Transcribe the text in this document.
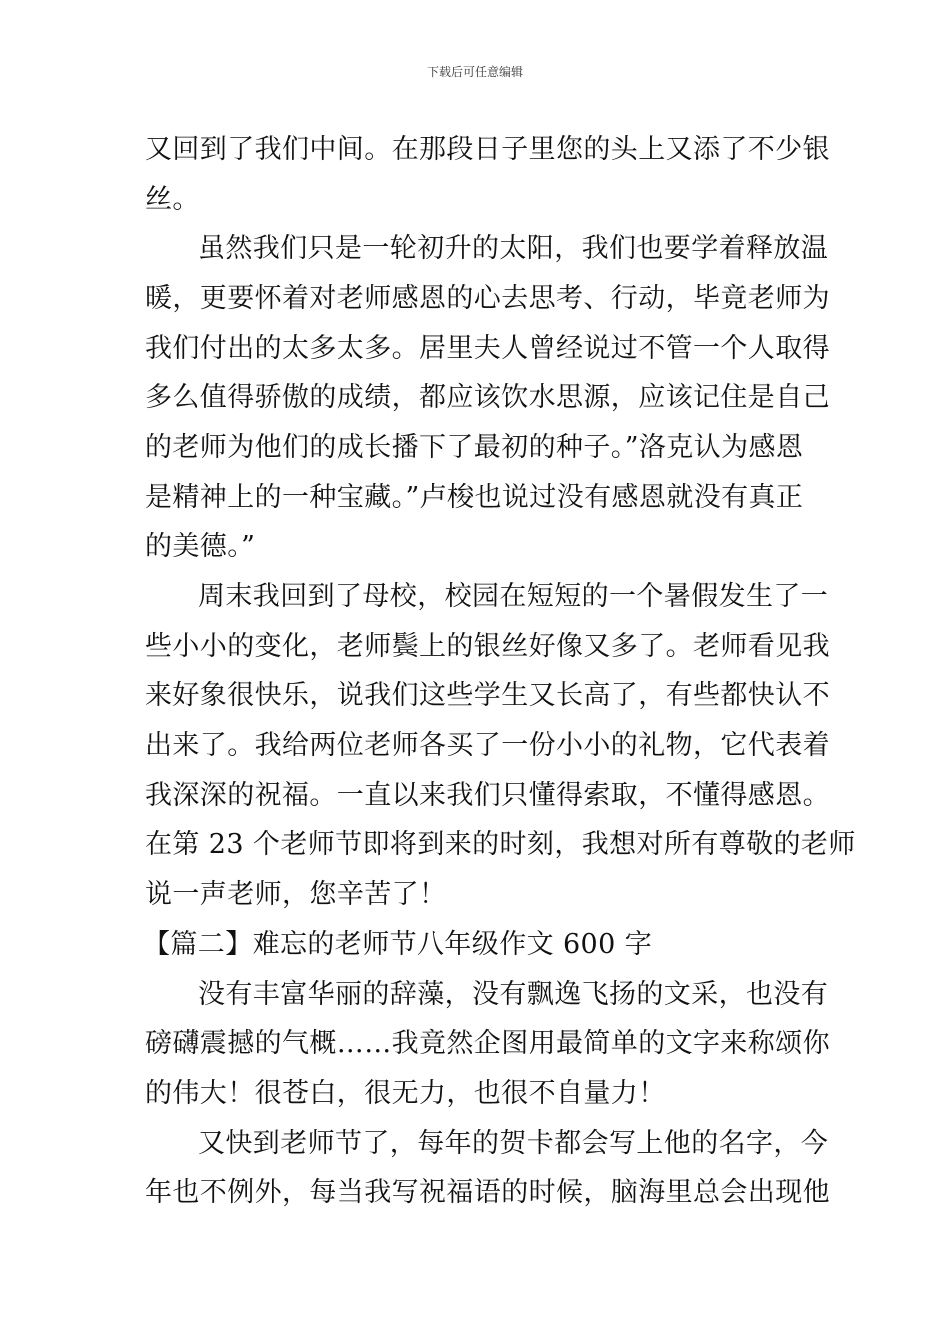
下载后可任意编辑
又回到了我们中间。在那段日子里您的头上又添了不少银
丝。
虽然我们只是一轮初升的太阳，我们也要学着释放温
暖，更要怀着对老师感恩的心去思考、行动，毕竟老师为
我们付出的太多太多。居里夫人曾经说过不管一个人取得
多么值得骄傲的成绩，都应该饮水思源，应该记住是自己
的老师为他们的成长播下了最初的种子。”洛克认为感恩
是精神上的一种宝藏。”卢梭也说过没有感恩就没有真正
的美德。”
周末我回到了母校，校园在短短的一个暑假发生了一
些小小的变化，老师鬓上的银丝好像又多了。老师看见我
来好象很快乐，说我们这些学生又长高了，有些都快认不
出来了。我给两位老师各买了一份小小的礼物，它代表着
我深深的祝福。一直以来我们只懂得索取，不懂得感恩。
在第 23 个老师节即将到来的时刻，我想对所有尊敬的老师
说一声老师，您辛苦了！
【篇二】难忘的老师节八年级作文 600 字
没有丰富华丽的辞藻，没有飘逸飞扬的文采，也没有
磅礴震撼的气概……我竟然企图用最简单的文字来称颂你
的伟大！很苍白，很无力，也很不自量力！
又快到老师节了，每年的贺卡都会写上他的名字，今
年也不例外，每当我写祝福语的时候，脑海里总会出现他
